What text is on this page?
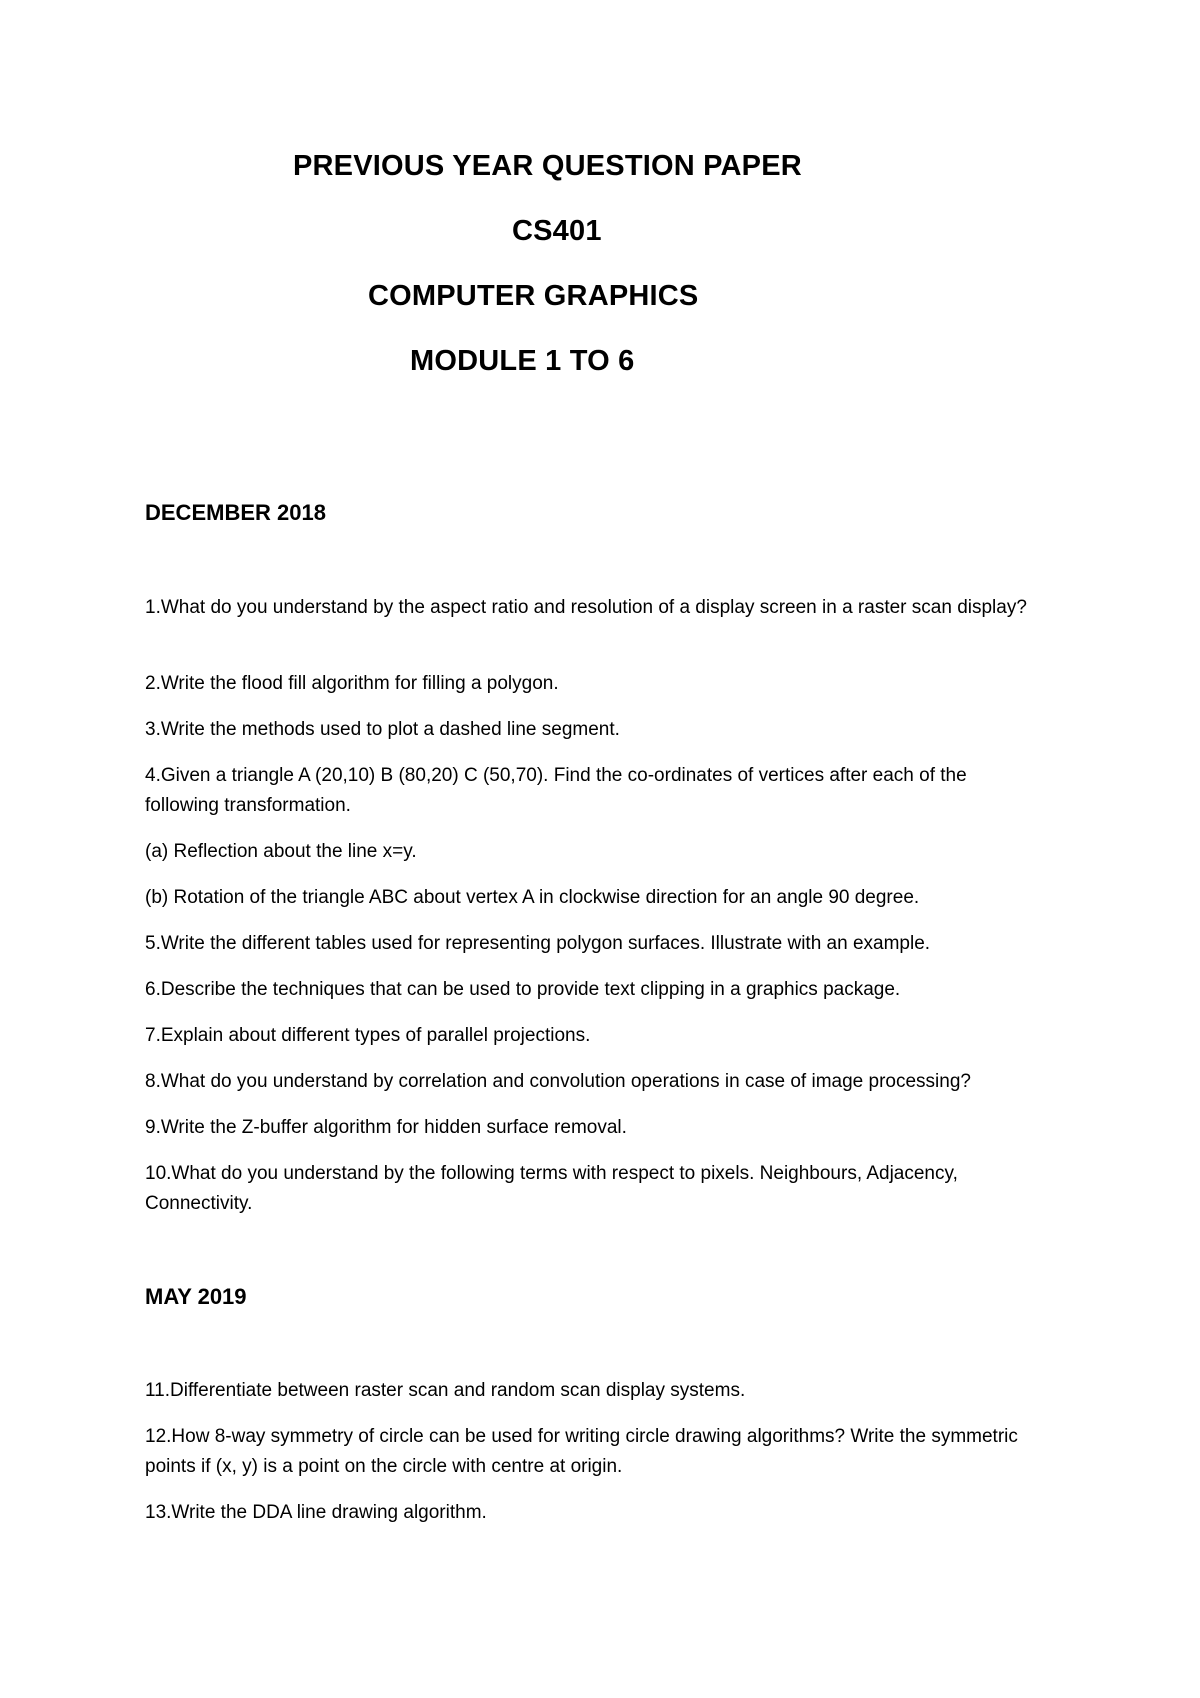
PREVIOUS YEAR QUESTION PAPER
CS401
COMPUTER GRAPHICS
MODULE 1 TO 6
DECEMBER 2018
1.What do you understand by the aspect ratio and resolution of a display screen in a raster scan display?
2.Write the flood fill algorithm for filling a polygon.
3.Write the methods used to plot a dashed line segment.
4.Given a triangle A (20,10) B (80,20) C (50,70). Find the co-ordinates of vertices after each of the following transformation.
(a) Reflection about the line x=y.
(b) Rotation of the triangle ABC about vertex A in clockwise direction for an angle 90 degree.
5.Write the different tables used for representing polygon surfaces. Illustrate with an example.
6.Describe the techniques that can be used to provide text clipping in a graphics package.
7.Explain about different types of parallel projections.
8.What do you understand by correlation and convolution operations in case of image processing?
9.Write the Z-buffer algorithm for hidden surface removal.
10.What do you understand by the following terms with respect to pixels. Neighbours, Adjacency, Connectivity.
MAY 2019
11.Differentiate between raster scan and random scan display systems.
12.How 8-way symmetry of circle can be used for writing circle drawing algorithms? Write the symmetric points if (x, y) is a point on the circle with centre at origin.
13.Write the DDA line drawing algorithm.
